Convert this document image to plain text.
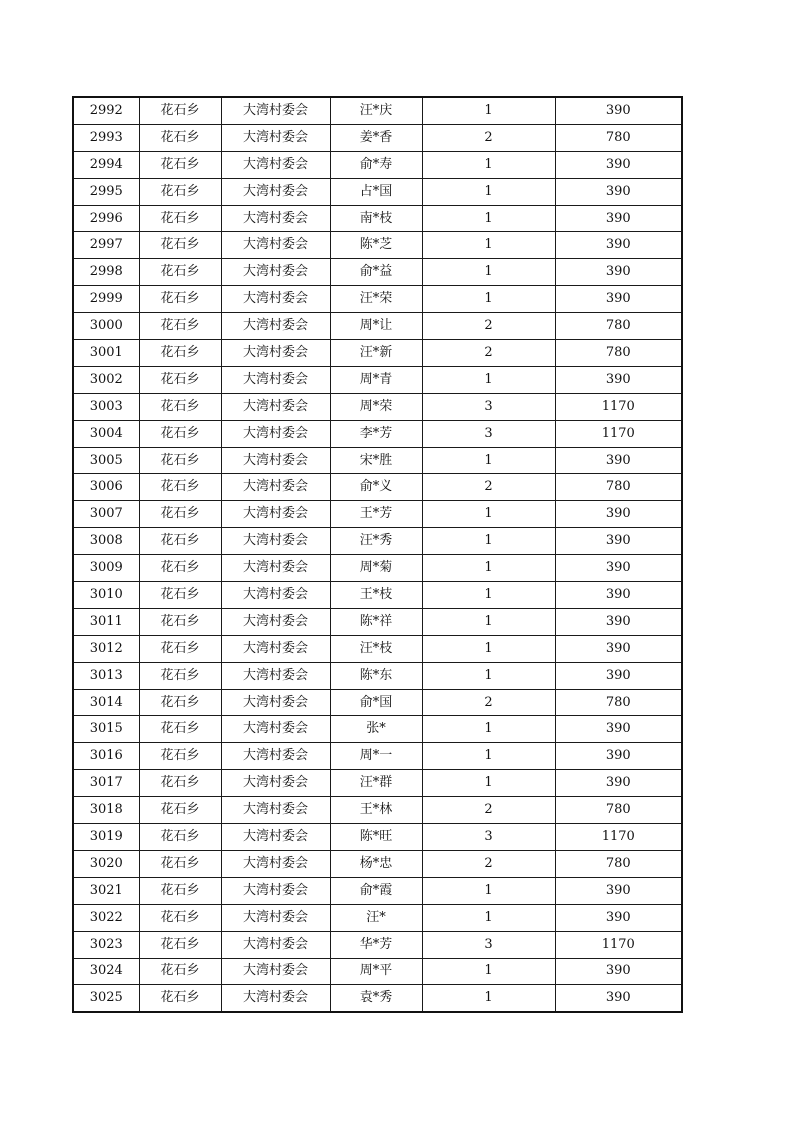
2992	花石乡	大湾村委会	汪*庆	1	390
2993	花石乡	大湾村委会	姜*香	2	780
2994	花石乡	大湾村委会	俞*寿	1	390
2995	花石乡	大湾村委会	占*国	1	390
2996	花石乡	大湾村委会	南*枝	1	390
2997	花石乡	大湾村委会	陈*芝	1	390
2998	花石乡	大湾村委会	俞*益	1	390
2999	花石乡	大湾村委会	汪*荣	1	390
3000	花石乡	大湾村委会	周*让	2	780
3001	花石乡	大湾村委会	汪*新	2	780
3002	花石乡	大湾村委会	周*青	1	390
3003	花石乡	大湾村委会	周*荣	3	1170
3004	花石乡	大湾村委会	李*芳	3	1170
3005	花石乡	大湾村委会	宋*胜	1	390
3006	花石乡	大湾村委会	俞*义	2	780
3007	花石乡	大湾村委会	王*芳	1	390
3008	花石乡	大湾村委会	汪*秀	1	390
3009	花石乡	大湾村委会	周*菊	1	390
3010	花石乡	大湾村委会	王*枝	1	390
3011	花石乡	大湾村委会	陈*祥	1	390
3012	花石乡	大湾村委会	汪*枝	1	390
3013	花石乡	大湾村委会	陈*东	1	390
3014	花石乡	大湾村委会	俞*国	2	780
3015	花石乡	大湾村委会	张*	1	390
3016	花石乡	大湾村委会	周*一	1	390
3017	花石乡	大湾村委会	汪*群	1	390
3018	花石乡	大湾村委会	王*林	2	780
3019	花石乡	大湾村委会	陈*旺	3	1170
3020	花石乡	大湾村委会	杨*忠	2	780
3021	花石乡	大湾村委会	俞*霞	1	390
3022	花石乡	大湾村委会	汪*	1	390
3023	花石乡	大湾村委会	华*芳	3	1170
3024	花石乡	大湾村委会	周*平	1	390
3025	花石乡	大湾村委会	袁*秀	1	390
